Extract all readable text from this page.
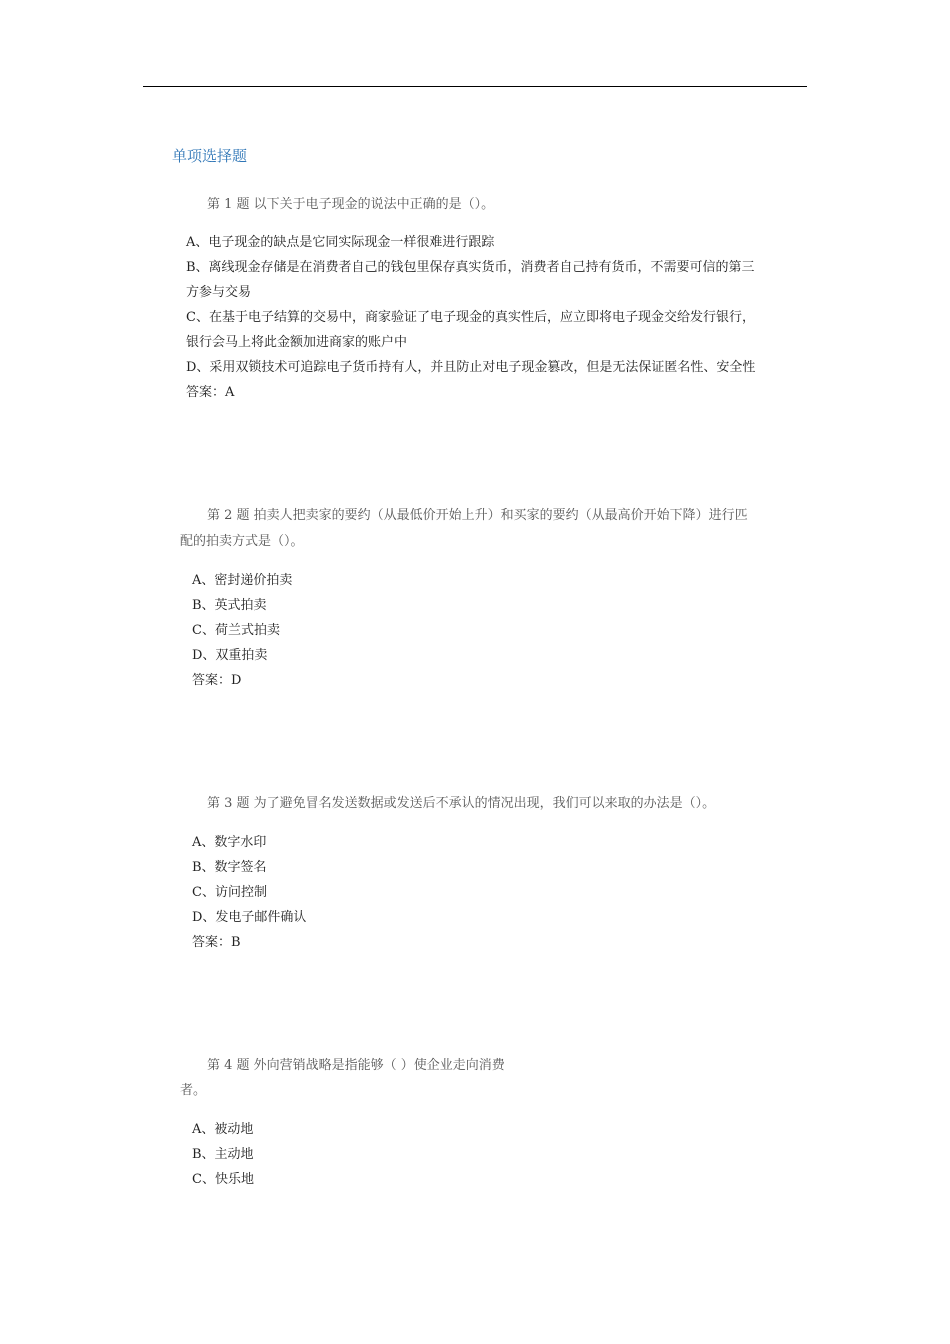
单项选择题
第 1 题 以下关于电子现金的说法中正确的是（）。
A、电子现金的缺点是它同实际现金一样很难进行跟踪
B、离线现金存储是在消费者自己的钱包里保存真实货币，消费者自己持有货币，不需要可信的第三
方参与交易
C、在基于电子结算的交易中，商家验证了电子现金的真实性后，应立即将电子现金交给发行银行，
银行会马上将此金额加进商家的账户中
D、采用双锁技术可追踪电子货币持有人，并且防止对电子现金篡改，但是无法保证匿名性、安全性
答案：A
第 2 题 拍卖人把卖家的要约（从最低价开始上升）和买家的要约（从最高价开始下降）进行匹
配的拍卖方式是（）。
A、密封递价拍卖
B、英式拍卖
C、荷兰式拍卖
D、双重拍卖
答案：D
第 3 题 为了避免冒名发送数据或发送后不承认的情况出现，我们可以来取的办法是（）。
A、数字水印
B、数字签名
C、访问控制
D、发电子邮件确认
答案：B
第 4 题 外向营销战略是指能够（ ）使企业走向消费
者。
A、被动地
B、主动地
C、快乐地
